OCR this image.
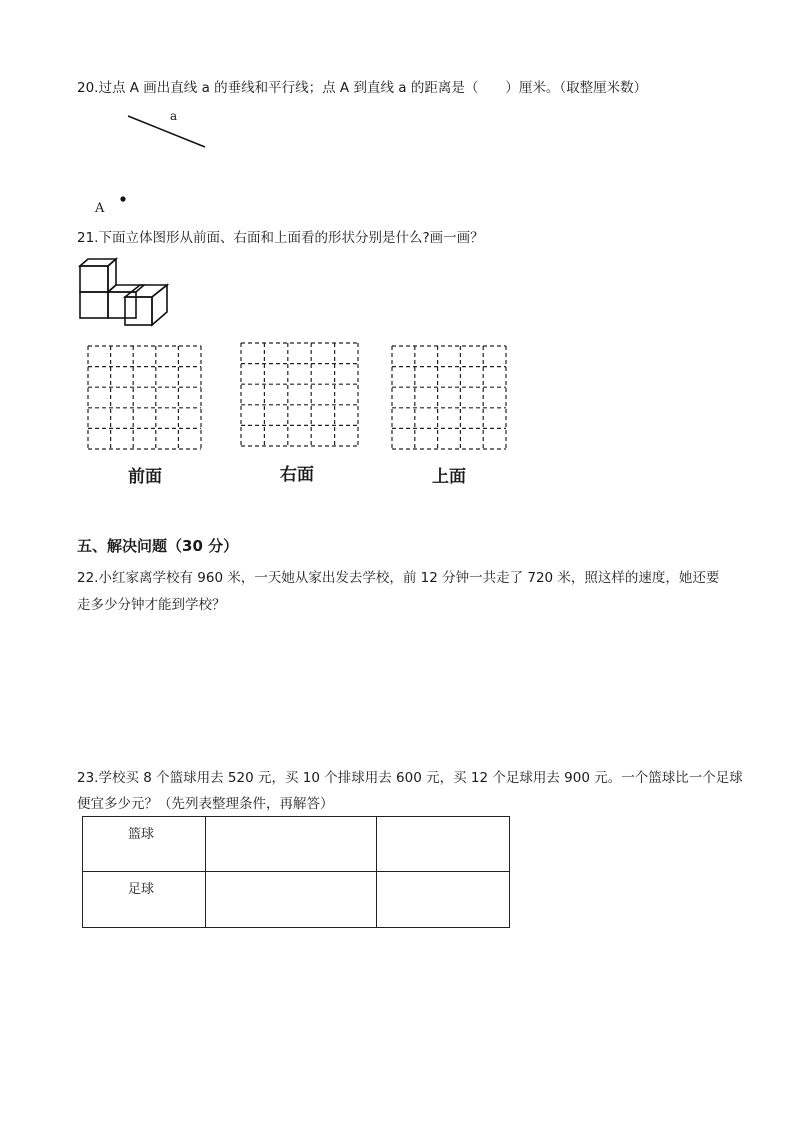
20.过点 A 画出直线 a 的垂线和平行线；点 A 到直线 a 的距离是（　　）厘米。（取整厘米数）
a
A
21.下面立体图形从前面、右面和上面看的形状分别是什么?画一画？
前面	右面	上面
五、解决问题（30 分）
22.小红家离学校有 960 米，一天她从家出发去学校，前 12 分钟一共走了 720 米，照这样的速度，她还要
走多少分钟才能到学校？
23.学校买 8 个篮球用去 520 元，买 10 个排球用去 600 元，买 12 个足球用去 900 元。一个篮球比一个足球
便宜多少元？（先列表整理条件，再解答）
篮球		
足球		
